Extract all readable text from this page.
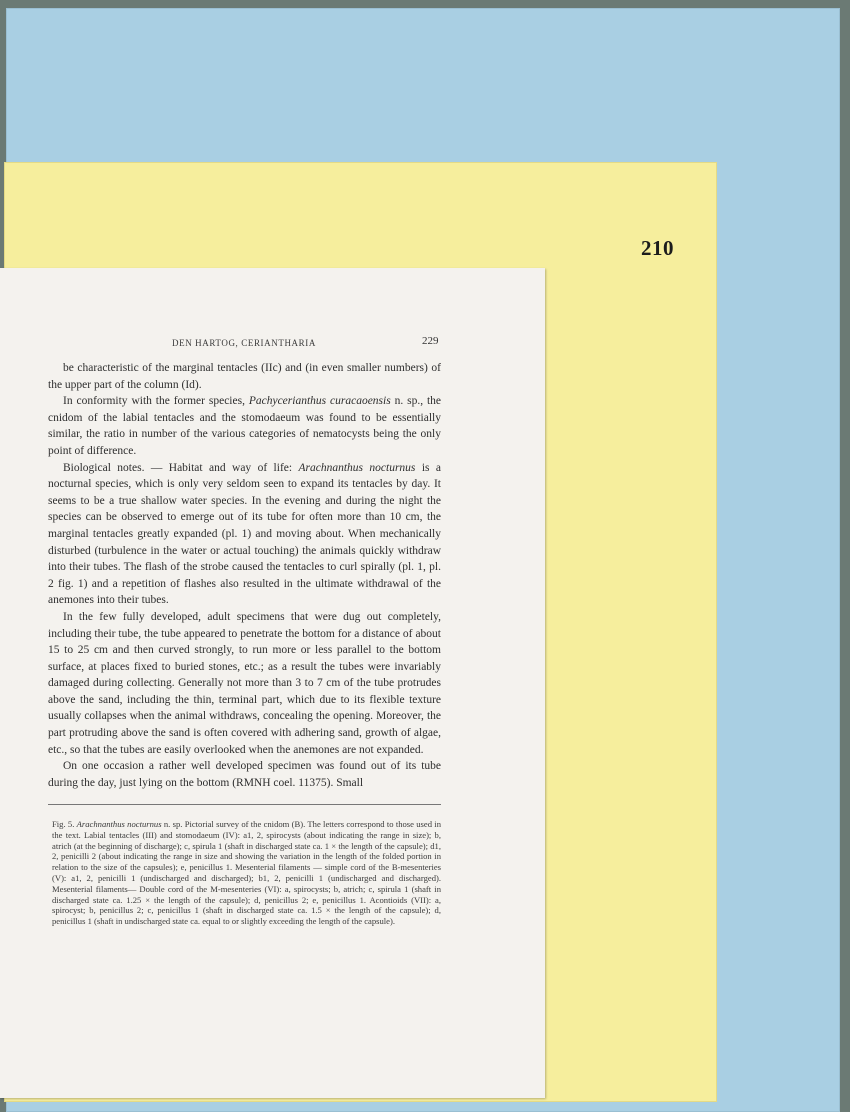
210
DEN HARTOG, CERIANTHARIA	229

be characteristic of the marginal tentacles (IIc) and (in even smaller numbers) of the upper part of the column (Id).

In conformity with the former species, Pachycerianthus curacaoensis n. sp., the cnidom of the labial tentacles and the stomodaeum was found to be essentially similar, the ratio in number of the various categories of nematocysts being the only point of difference.

Biological notes. — Habitat and way of life: Arachnanthus nocturnus is a nocturnal species, which is only very seldom seen to expand its tentacles by day. It seems to be a true shallow water species. In the evening and during the night the species can be observed to emerge out of its tube for often more than 10 cm, the marginal tentacles greatly expanded (pl. 1) and moving about. When mechanically disturbed (turbulence in the water or actual touching) the animals quickly withdraw into their tubes. The flash of the strobe caused the tentacles to curl spirally (pl. 1, pl. 2 fig. 1) and a repetition of flashes also resulted in the ultimate withdrawal of the anemones into their tubes.

In the few fully developed, adult specimens that were dug out completely, including their tube, the tube appeared to penetrate the bottom for a distance of about 15 to 25 cm and then curved strongly, to run more or less parallel to the bottom surface, at places fixed to buried stones, etc.; as a result the tubes were invariably damaged during collecting. Generally not more than 3 to 7 cm of the tube protrudes above the sand, including the thin, terminal part, which due to its flexible texture usually collapses when the animal withdraws, concealing the opening. Moreover, the part protruding above the sand is often covered with adhering sand, growth of algae, etc., so that the tubes are easily overlooked when the anemones are not expanded.

On one occasion a rather well developed specimen was found out of its tube during the day, just lying on the bottom (RMNH coel. 11375). Small

Fig. 5. Arachnanthus nocturnus n. sp. Pictorial survey of the cnidom (B). The letters correspond to those used in the text. Labial tentacles (III) and stomodaeum (IV): a1, 2, spirocysts (about indicating the range in size); b, atrich (at the beginning of discharge); c, spirula 1 (shaft in discharged state ca. 1 × the length of the capsule); d1, 2, penicilli 2 (about indicating the range in size and showing the variation in the length of the folded portion in relation to the size of the capsules); e, penicillus 1. Mesenterial filaments — simple cord of the B-mesenteries (V): a1, 2, penicilli 1 (undischarged and discharged); b1, 2, penicilli 1 (undischarged and discharged). Mesenterial filaments— Double cord of the M-mesenteries (VI): a, spirocysts; b, atrich; c, spirula 1 (shaft in discharged state ca. 1.25 × the length of the capsule); d, penicillus 2; e, penicillus 1. Acontioids (VII): a, spirocyst; b, penicillus 2; c, penicillus 1 (shaft in discharged state ca. 1.5 × the length of the capsule); d, penicillus 1 (shaft in undischarged state ca. equal to or slightly exceeding the length of the capsule).
